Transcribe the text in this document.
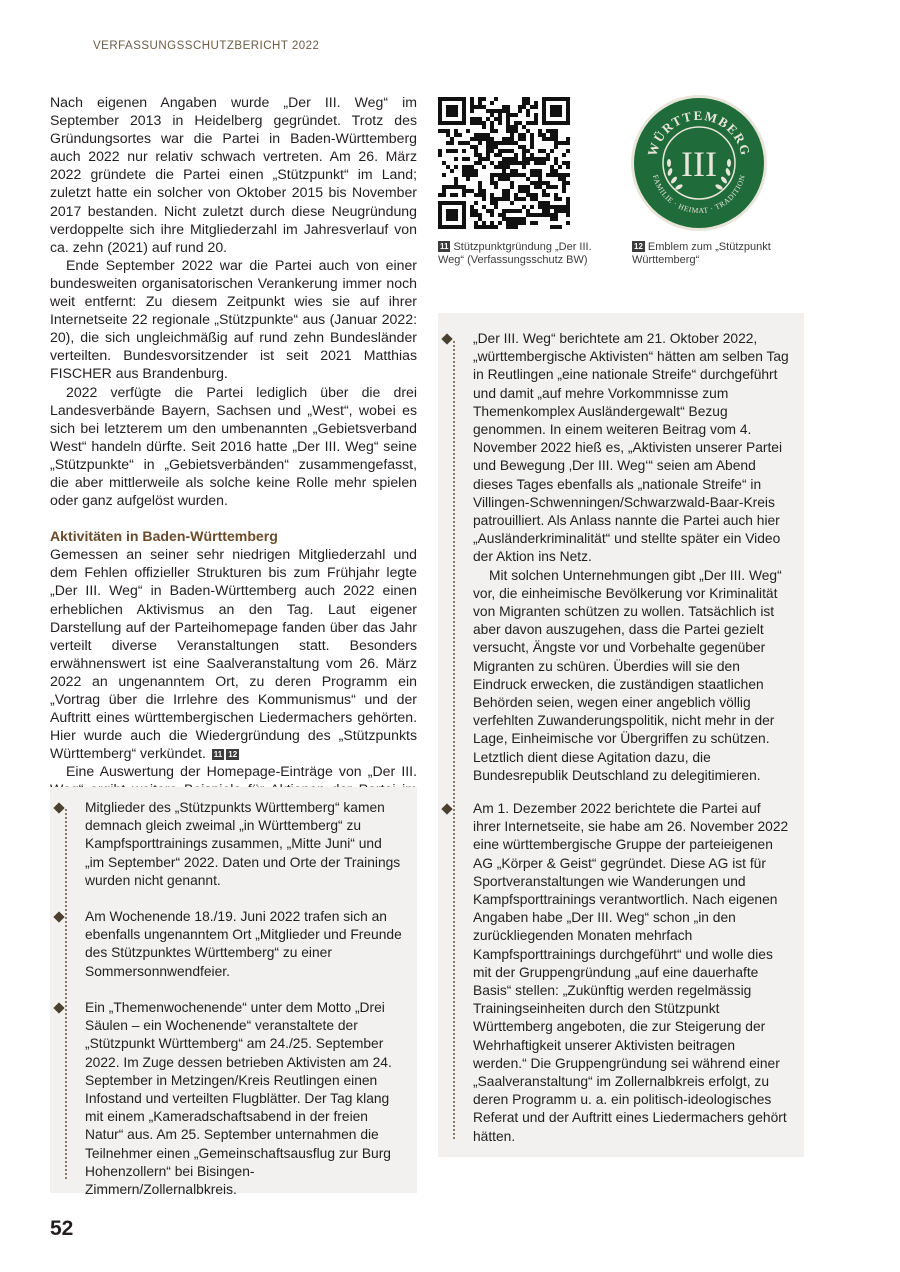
VERFASSUNGSSCHUTZBERICHT 2022

Nach eigenen Angaben wurde „Der III. Weg“ im September 2013 in Heidelberg gegründet. Trotz des Gründungsortes war die Partei in Baden-Württemberg auch 2022 nur relativ schwach vertreten. Am 26. März 2022 gründete die Partei einen „Stützpunkt“ im Land; zuletzt hatte ein solcher von Oktober 2015 bis November 2017 bestanden. Nicht zuletzt durch diese Neugründung verdoppelte sich ihre Mitgliederzahl im Jahresverlauf von ca. zehn (2021) auf rund 20.

Ende September 2022 war die Partei auch von einer bundesweiten organisatorischen Verankerung immer noch weit entfernt: Zu diesem Zeitpunkt wies sie auf ihrer Internetseite 22 regionale „Stützpunkte“ aus (Januar 2022: 20), die sich ungleichmäßig auf rund zehn Bundesländer verteilten. Bundesvorsitzender ist seit 2021 Matthias FISCHER aus Brandenburg.

2022 verfügte die Partei lediglich über die drei Landesverbände Bayern, Sachsen und „West“, wobei es sich bei letzterem um den umbenannten „Gebietsverband West“ handeln dürfte. Seit 2016 hatte „Der III. Weg“ seine „Stützpunkte“ in „Gebietsverbänden“ zusammengefasst, die aber mittlerweile als solche keine Rolle mehr spielen oder ganz aufgelöst wurden.

Aktivitäten in Baden-Württemberg

Gemessen an seiner sehr niedrigen Mitgliederzahl und dem Fehlen offizieller Strukturen bis zum Frühjahr legte „Der III. Weg“ in Baden-Württemberg auch 2022 einen erheblichen Aktivismus an den Tag. Laut eigener Darstellung auf der Parteihomepage fanden über das Jahr verteilt diverse Veranstaltungen statt. Besonders erwähnenswert ist eine Saalveranstaltung vom 26. März 2022 an ungenanntem Ort, zu deren Programm ein „Vortrag über die Irrlehre des Kommunismus“ und der Auftritt eines württembergischen Liedermachers gehörten. Hier wurde auch die Wiedergründung des „Stützpunkts Württemberg“ verkündet. 11 12

Eine Auswertung der Homepage-Einträge von „Der III.

Mitglieder des „Stützpunkts Württemberg“ kamen demnach gleich zweimal „in Württemberg“ zu Kampfsporttrainings zusammen, „Mitte Juni“ und „im September“ 2022. Daten und Orte der Trainings wurden nicht genannt.

Am Wochenende 18./19. Juni 2022 trafen sich an ebenfalls ungenanntem Ort „Mitglieder und Freunde des Stützpunktes Württemberg“ zu einer Sommersonnwendfeier.

Ein „Themenwochenende“ unter dem Motto „Drei Säulen – ein Wochenende“ veranstaltete der „Stützpunkt Württemberg“ am 24./25. September 2022. Im Zuge dessen betrieben Aktivisten am 24. September in Metzingen/Kreis Reutlingen einen Infostand und verteilten Flugblätter. Der Tag klang mit einem „Kameradschaftsabend in der freien Natur“ aus. Am 25. September unternahmen die Teilnehmer einen „Gemeinschaftsausflug zur Burg Hohenzollern“ bei Bisingen-Zimmern/Zollernalbkreis.

WÜRTTEMBERG
FAMILIE · HEIMAT · TRADITION
III
11 Stützpunktgründung „Der III. Weg“ (Verfassungsschutz BW)
12 Emblem zum „Stützpunkt Württemberg“

„Der III. Weg“ berichtete am 21. Oktober 2022, „württembergische Aktivisten“ hätten am selben Tag in Reutlingen „eine nationale Streife“ durchgeführt und damit „auf mehre Vorkommnisse zum Themenkomplex Ausländergewalt“ Bezug genommen. In einem weiteren Beitrag vom 4. November 2022 hieß es, „Aktivisten unserer Partei und Bewegung ‚Der III. Weg‘“ seien am Abend dieses Tages ebenfalls als „nationale Streife“ in Villingen-Schwenningen/Schwarzwald-Baar-Kreis patrouilliert. Als Anlass nannte die Partei auch hier „Ausländerkriminalität“ und stellte später ein Video der Aktion ins Netz.

Mit solchen Unternehmungen gibt „Der III. Weg“ vor, die einheimische Bevölkerung vor Kriminalität von Migranten schützen zu wollen. Tatsächlich ist aber davon auszugehen, dass die Partei gezielt versucht, Ängste vor und Vorbehalte gegenüber Migranten zu schüren. Überdies will sie den Eindruck erwecken, die zuständigen staatlichen Behörden seien, wegen einer angeblich völlig verfehlten Zuwanderungspolitik, nicht mehr in der Lage, Einheimische vor Übergriffen zu schützen. Letztlich dient diese Agitation dazu, die Bundesrepublik Deutschland zu delegitimieren.

Am 1. Dezember 2022 berichtete die Partei auf ihrer Internetseite, sie habe am 26. November 2022 eine württembergische Gruppe der parteieigenen AG „Körper & Geist“ gegründet. Diese AG ist für Sportveranstaltungen wie Wanderungen und Kampfsporttrainings verantwortlich. Nach eigenen Angaben habe „Der III. Weg“ schon „in den zurückliegenden Monaten mehrfach Kampfsporttrainings durchgeführt“ und wolle dies mit der Gruppengründung „auf eine dauerhafte Basis“ stellen: „Zukünftig werden regelmässig Trainingseinheiten durch den Stützpunkt Württemberg angeboten, die zur Steigerung der Wehrhaftigkeit unserer Aktivisten beitragen werden.“ Die Gruppengründung sei während einer „Saalveranstaltung“ im Zollernalbkreis erfolgt, zu deren Programm u. a. ein politisch-ideologisches Referat und der Auftritt eines Liedermachers gehört hätten.

52
